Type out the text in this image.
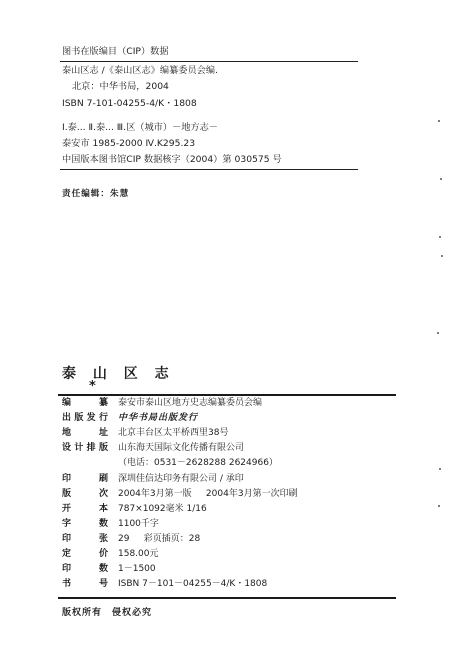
图书在版编目（CIP）数据
泰山区志 /《泰山区志》编纂委员会编.
北京：中华书局，2004
ISBN 7-101-04255-4/K・1808
Ⅰ.泰... Ⅱ.泰... Ⅲ.区（城市）－地方志－
泰安市 1985-2000 Ⅳ.K295.23
中国版本图书馆CIP 数据核字（2004）第 030575 号
责任编辑：朱慧
泰 山 区 志
*
编纂 泰安市泰山区地方史志编纂委员会编
出版发行 中华书局出版发行
地址 北京丰台区太平桥西里38号
设计排版 山东海天国际文化传播有限公司
（电话：0531－2628288 2624966）
印刷 深圳佳信达印务有限公司 / 承印
版次 2004年3月第一版     2004年3月第一次印刷
开本 787×1092毫米 1/16
字数 1100千字
印张 29     彩页插页：28
定价 158.00元
印数 1－1500
书号 ISBN 7－101－04255－4/K・1808
版权所有　侵权必究
